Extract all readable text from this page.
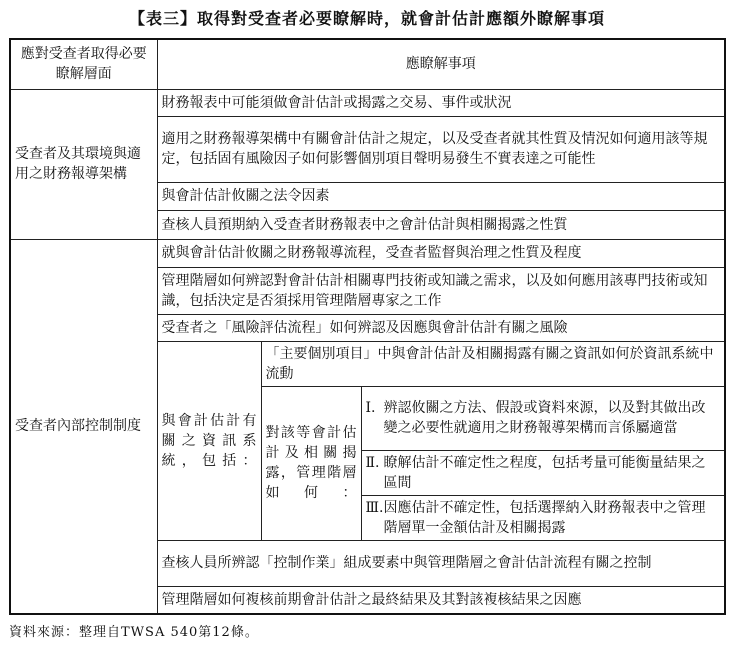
【表三】取得對受查者必要瞭解時，就會計估計應額外瞭解事項
應對受查者取得必要瞭解層面	應瞭解事項		
受查者及其環境與適用之財務報導架構	財務報表中可能須做會計估計或揭露之交易、事件或狀況		
	適用之財務報導架構中有關會計估計之規定，以及受查者就其性質及情況如何適用該等規定，包括固有風險因子如何影響個別項目聲明易發生不實表達之可能性		
	與會計估計攸關之法令因素		
	查核人員預期納入受查者財務報表中之會計估計與相關揭露之性質		
受查者內部控制制度	就與會計估計攸關之財務報導流程，受查者監督與治理之性質及程度		
	管理階層如何辨認對會計估計相關專門技術或知識之需求，以及如何應用該專門技術或知識，包括決定是否須採用管理階層專家之工作		
	受查者之「風險評估流程」如何辨認及因應與會計估計有關之風險		
	與會計估計有關之資訊系統，包括：	「主要個別項目」中與會計估計及相關揭露有關之資訊如何於資訊系統中流動	
		對該等會計估計及相關揭露，管理階層如何：	Ⅰ. 辨認攸關之方法、假設或資料來源，以及對其做出改變之必要性就適用之財務報導架構而言係屬適當
			Ⅱ. 瞭解估計不確定性之程度，包括考量可能衡量結果之區間
			Ⅲ.因應估計不確定性，包括選擇納入財務報表中之管理階層單一金額估計及相關揭露
	查核人員所辨認「控制作業」組成要素中與管理階層之會計估計流程有關之控制		
	管理階層如何複核前期會計估計之最終結果及其對該複核結果之因應		
資料來源：整理自TWSA 540第12條。
